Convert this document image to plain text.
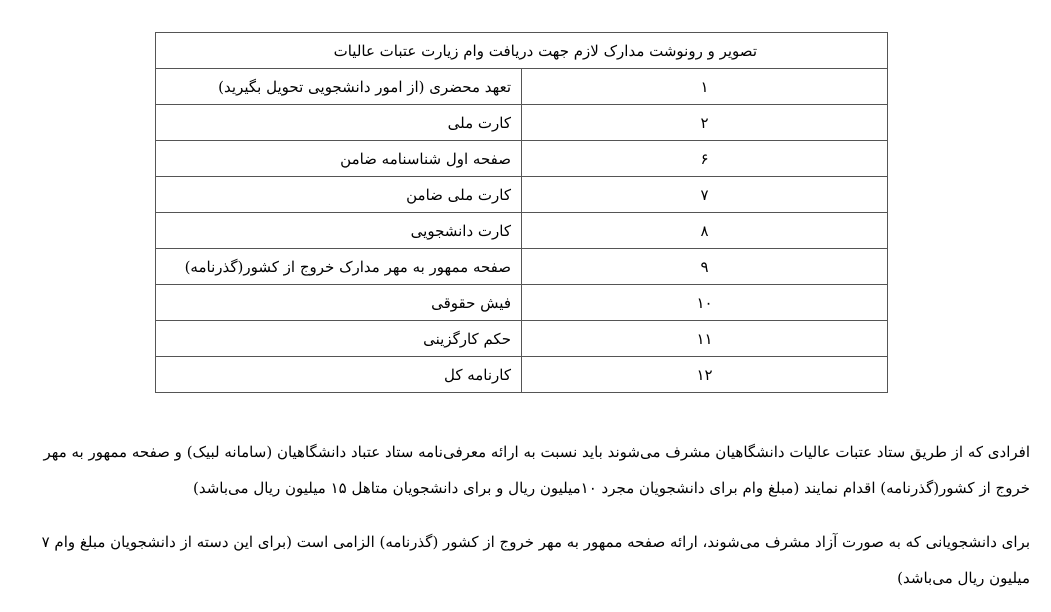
تصویر و رونوشت مدارک لازم جهت دریافت وام زیارت عتبات عالیات	
۱	تعهد محضری (از امور دانشجویی تحویل بگیرید)
۲	کارت ملی
۶	صفحه اول شناسنامه ضامن
۷	کارت ملی ضامن
۸	کارت دانشجویی
۹	صفحه ممهور به مهر مدارک خروج از کشور(گذرنامه)
۱۰	فیش حقوقی
۱۱	حکم کارگزینی
۱۲	کارنامه کل

افرادی که از طریق ستاد عتبات عالیات دانشگاهیان مشرف می‌شوند باید نسبت به ارائه معرفی‌نامه ستاد عتباد دانشگاهیان (سامانه لبیک) و صفحه ممهور به مهر خروج از کشور(گذرنامه) اقدام نمایند (مبلغ وام برای دانشجویان مجرد ۱۰میلیون ریال و برای دانشجویان متاهل ۱۵ میلیون ریال می‌باشد)

برای دانشجویانی که به صورت آزاد مشرف می‌شوند، ارائه صفحه ممهور به مهر خروج از کشور (گذرنامه) الزامی است (برای این دسته از دانشجویان مبلغ وام ۷ میلیون ریال می‌باشد)
